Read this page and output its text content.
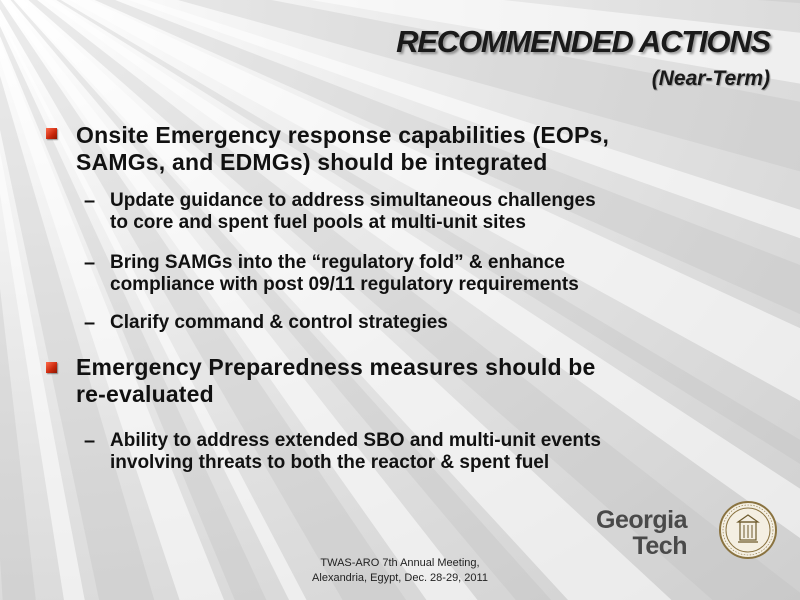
RECOMMENDED ACTIONS
(Near-Term)
Onsite Emergency response capabilities (EOPs,
SAMGs, and EDMGs) should be integrated
– Update guidance to address simultaneous challenges
to core and spent fuel pools at multi-unit sites
– Bring SAMGs into the “regulatory fold” & enhance
compliance with post 09/11 regulatory requirements
– Clarify command & control strategies
Emergency Preparedness measures should be
re-evaluated
– Ability to address extended SBO and multi-unit events
involving threats to both the reactor & spent fuel
Georgia
Tech
TWAS-ARO 7th Annual Meeting,
Alexandria, Egypt, Dec. 28-29, 2011
